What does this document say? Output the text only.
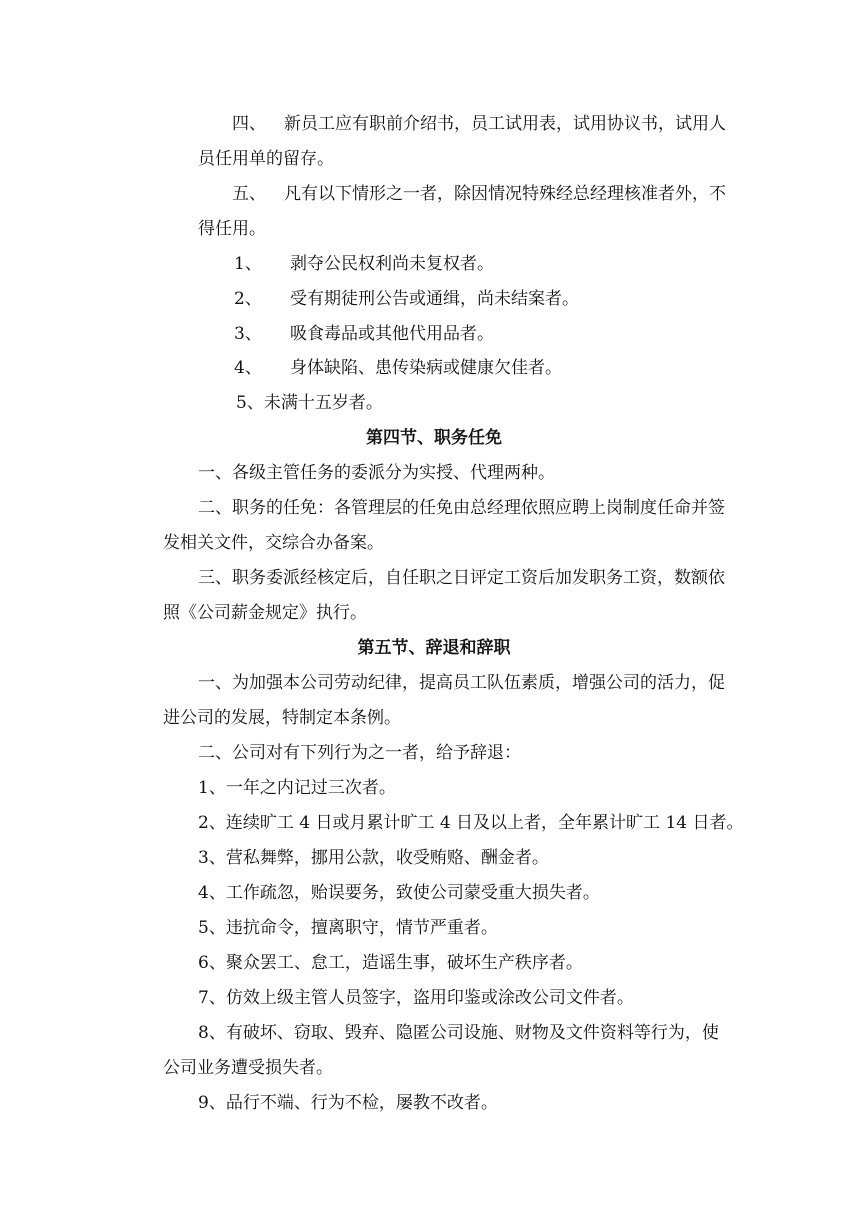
四、 新员工应有职前介绍书，员工试用表，试用协议书，试用人

员任用单的留存。

五、 凡有以下情形之一者，除因情况特殊经总经理核准者外，不

得任用。

1、 剥夺公民权利尚未复权者。

2、 受有期徒刑公告或通缉，尚未结案者。

3、 吸食毒品或其他代用品者。

4、 身体缺陷、患传染病或健康欠佳者。

5、未满十五岁者。

第四节、职务任免

一、各级主管任务的委派分为实授、代理两种。

二、职务的任免：各管理层的任免由总经理依照应聘上岗制度任命并签

发相关文件，交综合办备案。

三、职务委派经核定后，自任职之日评定工资后加发职务工资，数额依

照《公司薪金规定》执行。

第五节、辞退和辞职

一、为加强本公司劳动纪律，提高员工队伍素质，增强公司的活力，促

进公司的发展，特制定本条例。

二、公司对有下列行为之一者，给予辞退：

1、一年之内记过三次者。

2、连续旷工 4 日或月累计旷工 4 日及以上者，全年累计旷工 14 日者。

3、营私舞弊，挪用公款，收受贿赂、酬金者。

4、工作疏忽，贻误要务，致使公司蒙受重大损失者。

5、违抗命令，擅离职守，情节严重者。

6、聚众罢工、怠工，造谣生事，破坏生产秩序者。

7、仿效上级主管人员签字，盗用印鉴或涂改公司文件者。

8、有破坏、窃取、毁弃、隐匿公司设施、财物及文件资料等行为，使

公司业务遭受损失者。

9、品行不端、行为不检，屡教不改者。
